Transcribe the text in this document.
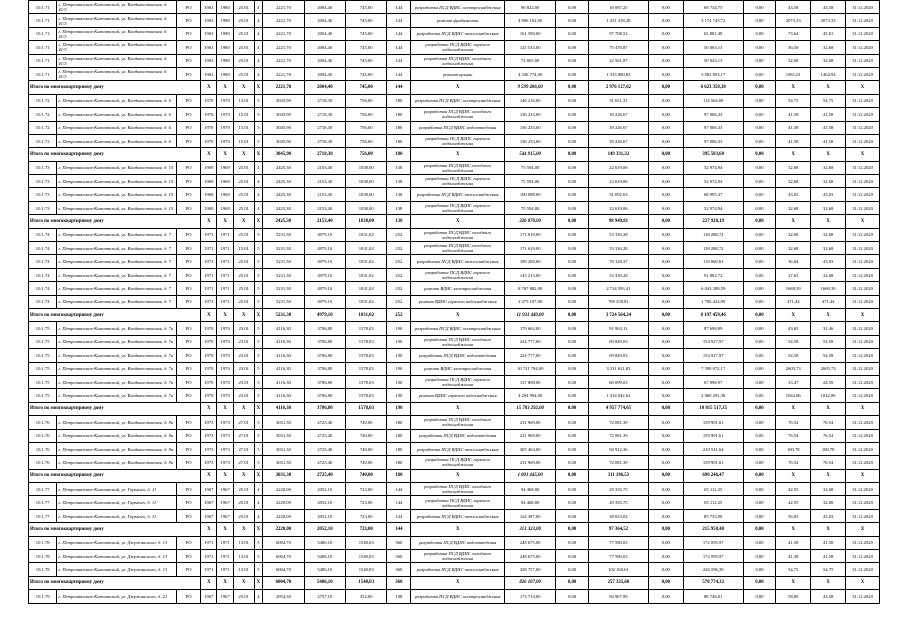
10.1.71	г. Петропавловск-Камчатский, ул. Владивостокская, д. 41/3	РО	1963	1980	25.01	4	2221,70	2004,40	745,00	144	разработка ПСД ВДИС электроснабжения	96 822,00	0,00	16 087,25	0,00	69 734,75	0,00	43,58	43,58	31.12.2020
10.1.71	г. Петропавловск-Камчатский, ул. Владивостокская, д. 41/3	РО	1963	1980	25.01	4	2221,70	2004,40	745,00	144	ремонт фундамента	4 806 162,00	0,00	1 431 418,28	0,00	3 174 743,72	0,00	2073,33	2073,33	31.12.2020
10.1.71	г. Петропавловск-Камчатский, ул. Владивостокская, д. 41/3	РО	1963	1980	25.01	4	2221,70	2004,40	745,00	144	разработка ПСД ВДИС теплоснабжения	161 590,00	0,00	97 708,52	0,00	63 881,48	0,00	73,64	45,81	31.12.2020
10.1.71	г. Петропавловск-Камчатский, ул. Владивостокская, д. 41/3	РО	1963	1980	25.01	4	2221,70	2004,40	745,00	144	разработка ПСД ВДИС горячего водоснабжения	125 533,00	0,00	75 470,87	0,00	50 063,13	0,00	56,50	32,68	31.12.2020
10.1.71	г. Петропавловск-Камчатский, ул. Владивостокская, д. 41/3	РО	1963	1980	25.01	4	2221,70	2004,40	745,00	144	разработка ПСД ВДИС холодного водоснабжения	72 605,00	0,00	22 561,87	0,00	50 043,13	0,00	32,68	32,68	31.12.2020
10.1.71	г. Петропавловск-Камчатский, ул. Владивостокская, д. 41/3	РО	1963	1980	25.01	4	2221,70	2004,40	745,00	144	ремонт крыши	4 336 774,00	0,00	1 333 880,83	0,00	3 002 893,17	0,00	1961,01	1464,94	31.12.2020
Итого по многоквартирному дому			X	X	X	X	2221,70	2004,40	745,00	144	X	9 599 486,00	0,00	2 976 127,62	0,00	6 623 358,38	0,00	X	X	X
10.1.72	г. Петропавловск-Камчатский, ул. Владивостокская, д. 6	РО	1970	1970	13.01	5	3045,90	2718,30	756,00	180	разработка ПСД ВДИС электроснабжения	146 216,00	0,00	31 651,31	0,00	114 564,69	0,00	54,75	54,75	31.12.2020
10.1.72	г. Петропавловск-Камчатский, ул. Владивостокская, д. 6	РО	1970	1970	15.01	5	3045,90	2718,30	756,00	180	разработка ПСД ВДИС холодного водоснабжения	136 233,00	0,00	39 226,67	0,00	97 006,33	0,00	41,58	41,58	31.12.2020
10.1.72	г. Петропавловск-Камчатский, ул. Владивостокская, д. 6	РО	1970	1970	15.01	5	3045,90	2718,30	756,00	180	разработка ПСД ВДИС водоотведения	136 233,00	0,00	39 226,67	0,00	97 006,33	0,00	41,58	41,58	31.12.2020
10.1.72	г. Петропавловск-Камчатский, ул. Владивостокская, д. 6	РО	1970	1970	15.01	5	3045,90	2718,30	756,00	180	разработка ПСД ВДИС горячего водоснабжения	136 233,00	0,00	39 226,67	0,00	97 006,33	0,00	41,58	41,58	31.12.2020
Итого по многоквартирному дому			X	X	X	X	3045,90	2718,30	756,00	180	X	544 915,00	0,00	149 331,32	0,00	395 583,68	0,00	X	X	X
10.1.73	г. Петропавловск-Камчатский, ул. Владивостокская, д. 15	РО	1969	1969	25.01	4	2425,30	2153,40	1038,00	138	разработка ПСД ВДИС холодного водоснабжения	75 594,00	0,00	22 619,06	0,00	52 974,94	0,00	32,68	32,68	31.12.2020
10.1.73	г. Петропавловск-Камчатский, ул. Владивостокская, д. 15	РО	1969	1969	25.01	4	2425,30	2153,40	1038,00	138	разработка ПСД ВДИС горячего водоснабжения	75 594,00	0,00	22 619,06	0,00	52 974,94	0,00	32,68	32,68	31.12.2020
10.1.73	г. Петропавловск-Камчатский, ул. Владивостокская, д. 15	РО	1969	1969	25.01	4	2425,30	2153,40	1038,00	138	разработка ПСД ВДИС теплоснабжения	100 088,00	0,00	31 092,63	0,00	68 995,37	0,00	43,03	43,03	31.12.2020
10.1.73	г. Петропавловск-Камчатский, ул. Владивостокская, д. 15	РО	1969	1969	25.01	4	2425,30	2153,40	1038,00	138	разработка ПСД ВДИС горячего водоснабжения	75 594,00	0,00	22 619,06	0,00	52 974,94	0,00	32,68	32,68	31.12.2020
Итого по многоквартирному дому			X	X	X	X	2425,30	2153,40	1038,00	138	X	326 870,00	0,00	98 949,81	0,00	227 920,19	0,00	X	X	X
10.1.74	г. Петропавловск-Камчатский, ул. Владивостокская, д. 7	РО	1971	1971	25.01	5	5231,30	4979,10	1031,02	252	разработка ПСД ВДИС холодного водоснабжения	171 619,00	0,00	53 330,28	0,00	118 288,72	0,00	32,68	32,68	31.12.2020
10.1.74	г. Петропавловск-Камчатский, ул. Владивостокская, д. 7	РО	1971	1971	15.01	5	5231,30	4979,10	1031,02	252	разработка ПСД ВДИС холодного водоснабжения	171 619,00	0,00	53 330,28	0,00	118 288,72	0,00	32,68	32,68	31.12.2020
10.1.74	г. Петропавловск-Камчатский, ул. Владивостокская, д. 7	РО	1971	1971	25.01	5	5231,30	4979,10	1031,02	252	разработка ПСД ВДИС теплоснабжения	189 200,00	0,00	70 128,37	0,00	119 069,63	0,00	36,04	43,03	31.12.2020
10.1.74	г. Петропавловск-Камчатский, ул. Владивостокская, д. 7	РО	1971	1971	25.01	5	5231,30	4979,10	1031,02	252	разработка ПСД ВДИС горячего водоснабжения	145 213,00	0,00	53 330,28	0,00	91 882,72	0,00	27,63	32,68	31.12.2020
10.1.74	г. Петропавловск-Камчатский, ул. Владивостокская, д. 7	РО	1971	1971	25.01	5	5231,30	4979,10	1031,02	252	ремонт ВДИС электроснабжения	8 767 882,00	0,00	2 724 593,41	0,00	6 043 288,59	0,00	1669,39	1669,39	31.12.2020
10.1.74	г. Петропавловск-Камчатский, ул. Владивостокская, д. 7	РО	1971	1971	25.01	5	5231,30	4979,10	1031,02	252	ремонт ВДИС горячего водоснабжения	2 475 107,00	0,00	769 258,81	0,00	1 706 422,09	0,00	471,44	471,44	31.12.2020
Итого по многоквартирному дому			X	X	X	X	5231,30	4979,10	1031,02	252	X	11 931 440,00	0,00	3 724 564,24	0,00	8 197 459,46	0,00	X	X	X
10.1.75	г. Петропавловск-Камчатский, ул. Владивостокская, д. 7а	РО	1970	1970	23.01	5	4116,30	3706,80	1578,03	190	разработка ПСД ВДИС электроснабжения	179 662,00	0,00	91 963,11	0,00	87 698,89	0,00	43,65	31,46	31.12.2020
10.1.75	г. Петропавловск-Камчатский, ул. Владивостокская, д. 7а	РО	1970	1970	23.01	5	4116,30	3706,80	1578,03	190	разработка ПСД ВДИС холодного водоснабжения	224 777,00	0,00	69 849,03	0,00	154 927,97	0,00	54,58	54,58	31.12.2020
10.1.75	г. Петропавловск-Камчатский, ул. Владивостокская, д. 7а	РО	1970	1970	23.01	5	4116,30	3706,80	1578,03	190	разработка ПСД ВДИС водоотведения	224 777,00	0,00	69 849,03	0,00	154 927,97	0,00	54,58	54,58	31.12.2020
10.1.75	г. Петропавловск-Камчатский, ул. Владивостокская, д. 7а	РО	1970	1970	23.01	5	4116,30	3706,80	1578,03	190	ремонт ВДИС электроснабжения	10 721 794,00	0,00	3 331 621,83	0,00	7 390 072,17	0,00	2605,73	2605,73	31.12.2020
10.1.75	г. Петропавловск-Камчатский, ул. Владивостокская, д. 7а	РО	1970	1970	23.01	5	4116,30	3706,80	1578,03	190	разработка ПСД ВДИС горячего водоснабжения	137 898,00	0,00	60 099,03	0,00	67 998,97	0,00	33,47	24,59	31.12.2020
10.1.75	г. Петропавловск-Камчатский, ул. Владивостокская, д. 7а	РО	1970	1970	23.01	5	4116,30	3706,80	1578,03	190	ремонт ВДИС горячего водоснабжения	4 294 994,00	0,00	1 334 042,62	0,00	2 960 291,38	0,00	1042,86	1042,86	31.12.2020
Итого по многоквартирному дому			X	X	X	X	4116,30	3706,80	1578,03	190	X	15 783 292,00	0,00	4 957 774,65	0,00	10 815 517,35	0,00	X	X	X
10.1.76	г. Петропавловск-Камчатский, ул. Владивостокская, д. 9а	РО	1973	1973	27.01	5	3031,30	2725,40	740,00	180	разработка ПСД ВДИС холодного водоснабжения	231 969,00	0,00	72 081,39	0,00	159 901,61	0,00	76,54	76,54	31.12.2020
10.1.76	г. Петропавловск-Камчатский, ул. Владивостокская, д. 9а	РО	1973	1973	27.01	5	3031,30	2725,40	740,00	180	разработка ПСД ВДИС водоотведения	231 969,00	0,00	72 081,39	0,00	159 901,61	0,00	76,54	76,54	31.12.2020
10.1.76	г. Петропавловск-Камчатский, ул. Владивостокская, д. 9а	РО	1973	1973	27.01	5	3031,30	2725,40	740,00	180	разработка ПСД ВДИС теплоснабжения	305 464,00	0,00	94 922,36	0,00	210 541,64	0,00	100,78	100,78	31.12.2020
10.1.76	г. Петропавловск-Камчатский, ул. Владивостокская, д. 9а	РО	1973	1973	27.01	5	3031,30	2725,40	740,00	180	разработка ПСД ВДИС горячего водоснабжения	231 969,00	0,00	72 081,39	0,00	159 901,61	0,00	76,54	76,54	31.12.2020
Итого по многоквартирному дому			X	X	X	X	3031,30	2725,40	740,00	180	X	1 001 445,00	0,00	311 196,53	0,00	690 246,47	0,00	X	X	X
10.1.77	г. Петропавловск-Камчатский, ул. Горького, д. 11	РО	1967	1967	25.01	4	2220,00	2052,10	723,00	144	разработка ПСД ВДИС холодного водоснабжения	94 468,00	0,00	29 335,75	0,00	65 112,25	0,00	42,55	32,68	31.12.2020
10.1.77	г. Петропавловск-Камчатский, ул. Горького, д. 11	РО	1967	1967	25.01	4	2220,00	2052,10	723,00	144	разработка ПСД ВДИС горячего водоснабжения	94 468,00	0,00	29 335,75	0,00	65 112,25	0,00	42,55	32,68	31.12.2020
10.1.77	г. Петропавловск-Камчатский, ул. Горького, д. 11	РО	1967	1967	25.01	4	2220,00	2052,10	723,00	144	разработка ПСД ВДИС теплоснабжения	124 387,00	0,00	38 653,02	0,00	85 733,98	0,00	56,03	43,03	31.12.2020
Итого по многоквартирному дому			X	X	X	X	2220,00	2052,10	723,00	144	X	313 323,00	0,00	97 364,52	0,00	215 958,48	0,00	X	X	X
10.1.78	г. Петропавловск-Камчатский, ул. Дзержинского, д. 13	РО	1971	1971	13.01	5	6004,70	5406,10	1540,03	360	разработка ПСД ВДИС водоотведения	248 675,00	0,00	77 580,03	0,00	172 095,97	0,00	41,58	41,58	31.12.2020
10.1.78	г. Петропавловск-Камчатский, ул. Дзержинского, д. 13	РО	1971	1971	13.01	5	6004,70	5406,10	1540,03	360	разработка ПСД ВДИС холодного водоснабжения	248 675,00	0,00	77 580,03	0,00	172 095,97	0,00	41,38	41,58	31.12.2020
10.1.78	г. Петропавловск-Камчатский, ул. Дзержинского, д. 13	РО	1971	1971	13.01	5	6004,70	5406,10	1540,03	360	разработка ПСД ВДИС теплоснабжения	328 757,00	0,00	102 160,61	0,00	226 596,39	0,00	54,75	54,75	31.12.2020
Итого по многоквартирному дому			X	X	X	X	6004,70	5406,10	1540,03	360	X	826 107,00	0,00	257 335,68	0,00	570 774,32	0,00	X	X	X
10.1.79	г. Петропавловск-Камчатский, ул. Дзержинского, д. 21	РО	1967	1967	25.01	4	2954,30	2757,10	352,00	108	разработка ПСД ВДИС электроснабжения	173 714,00	0,00	84 967,99	0,00	88 746,01	0,00	58,80	43,58	31.12.2020
